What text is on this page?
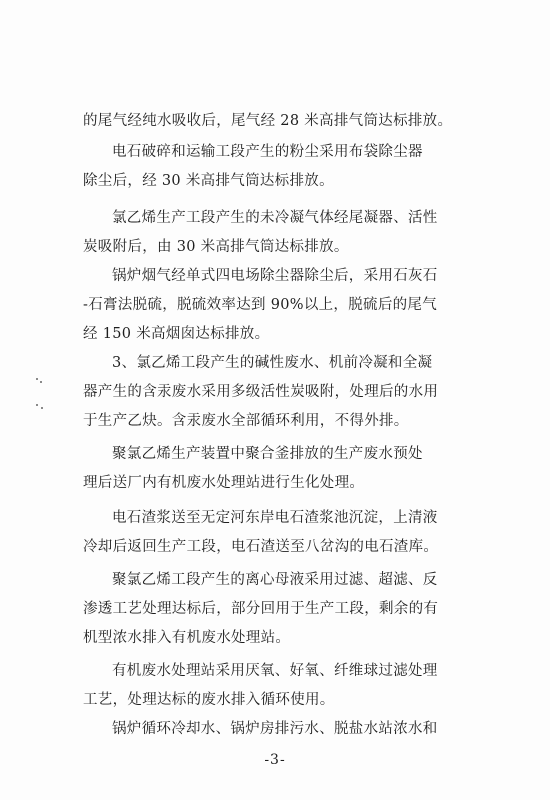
的尾气经纯水吸收后，尾气经 28 米高排气筒达标排放。
电石破碎和运输工段产生的粉尘采用布袋除尘器
除尘后，经 30 米高排气筒达标排放。
氯乙烯生产工段产生的未冷凝气体经尾凝器、活性
炭吸附后，由 30 米高排气筒达标排放。
锅炉烟气经单式四电场除尘器除尘后，采用石灰石
-石膏法脱硫，脱硫效率达到 90%以上，脱硫后的尾气
经 150 米高烟囱达标排放。
3、氯乙烯工段产生的碱性废水、机前冷凝和全凝
器产生的含汞废水采用多级活性炭吸附，处理后的水用
于生产乙炔。含汞废水全部循环利用，不得外排。
聚氯乙烯生产装置中聚合釜排放的生产废水预处
理后送厂内有机废水处理站进行生化处理。
电石渣浆送至无定河东岸电石渣浆池沉淀，上清液
冷却后返回生产工段，电石渣送至八岔沟的电石渣库。
聚氯乙烯工段产生的离心母液采用过滤、超滤、反
渗透工艺处理达标后，部分回用于生产工段，剩余的有
机型浓水排入有机废水处理站。
有机废水处理站采用厌氧、好氧、纤维球过滤处理
工艺，处理达标的废水排入循环使用。
锅炉循环冷却水、锅炉房排污水、脱盐水站浓水和
-3-
